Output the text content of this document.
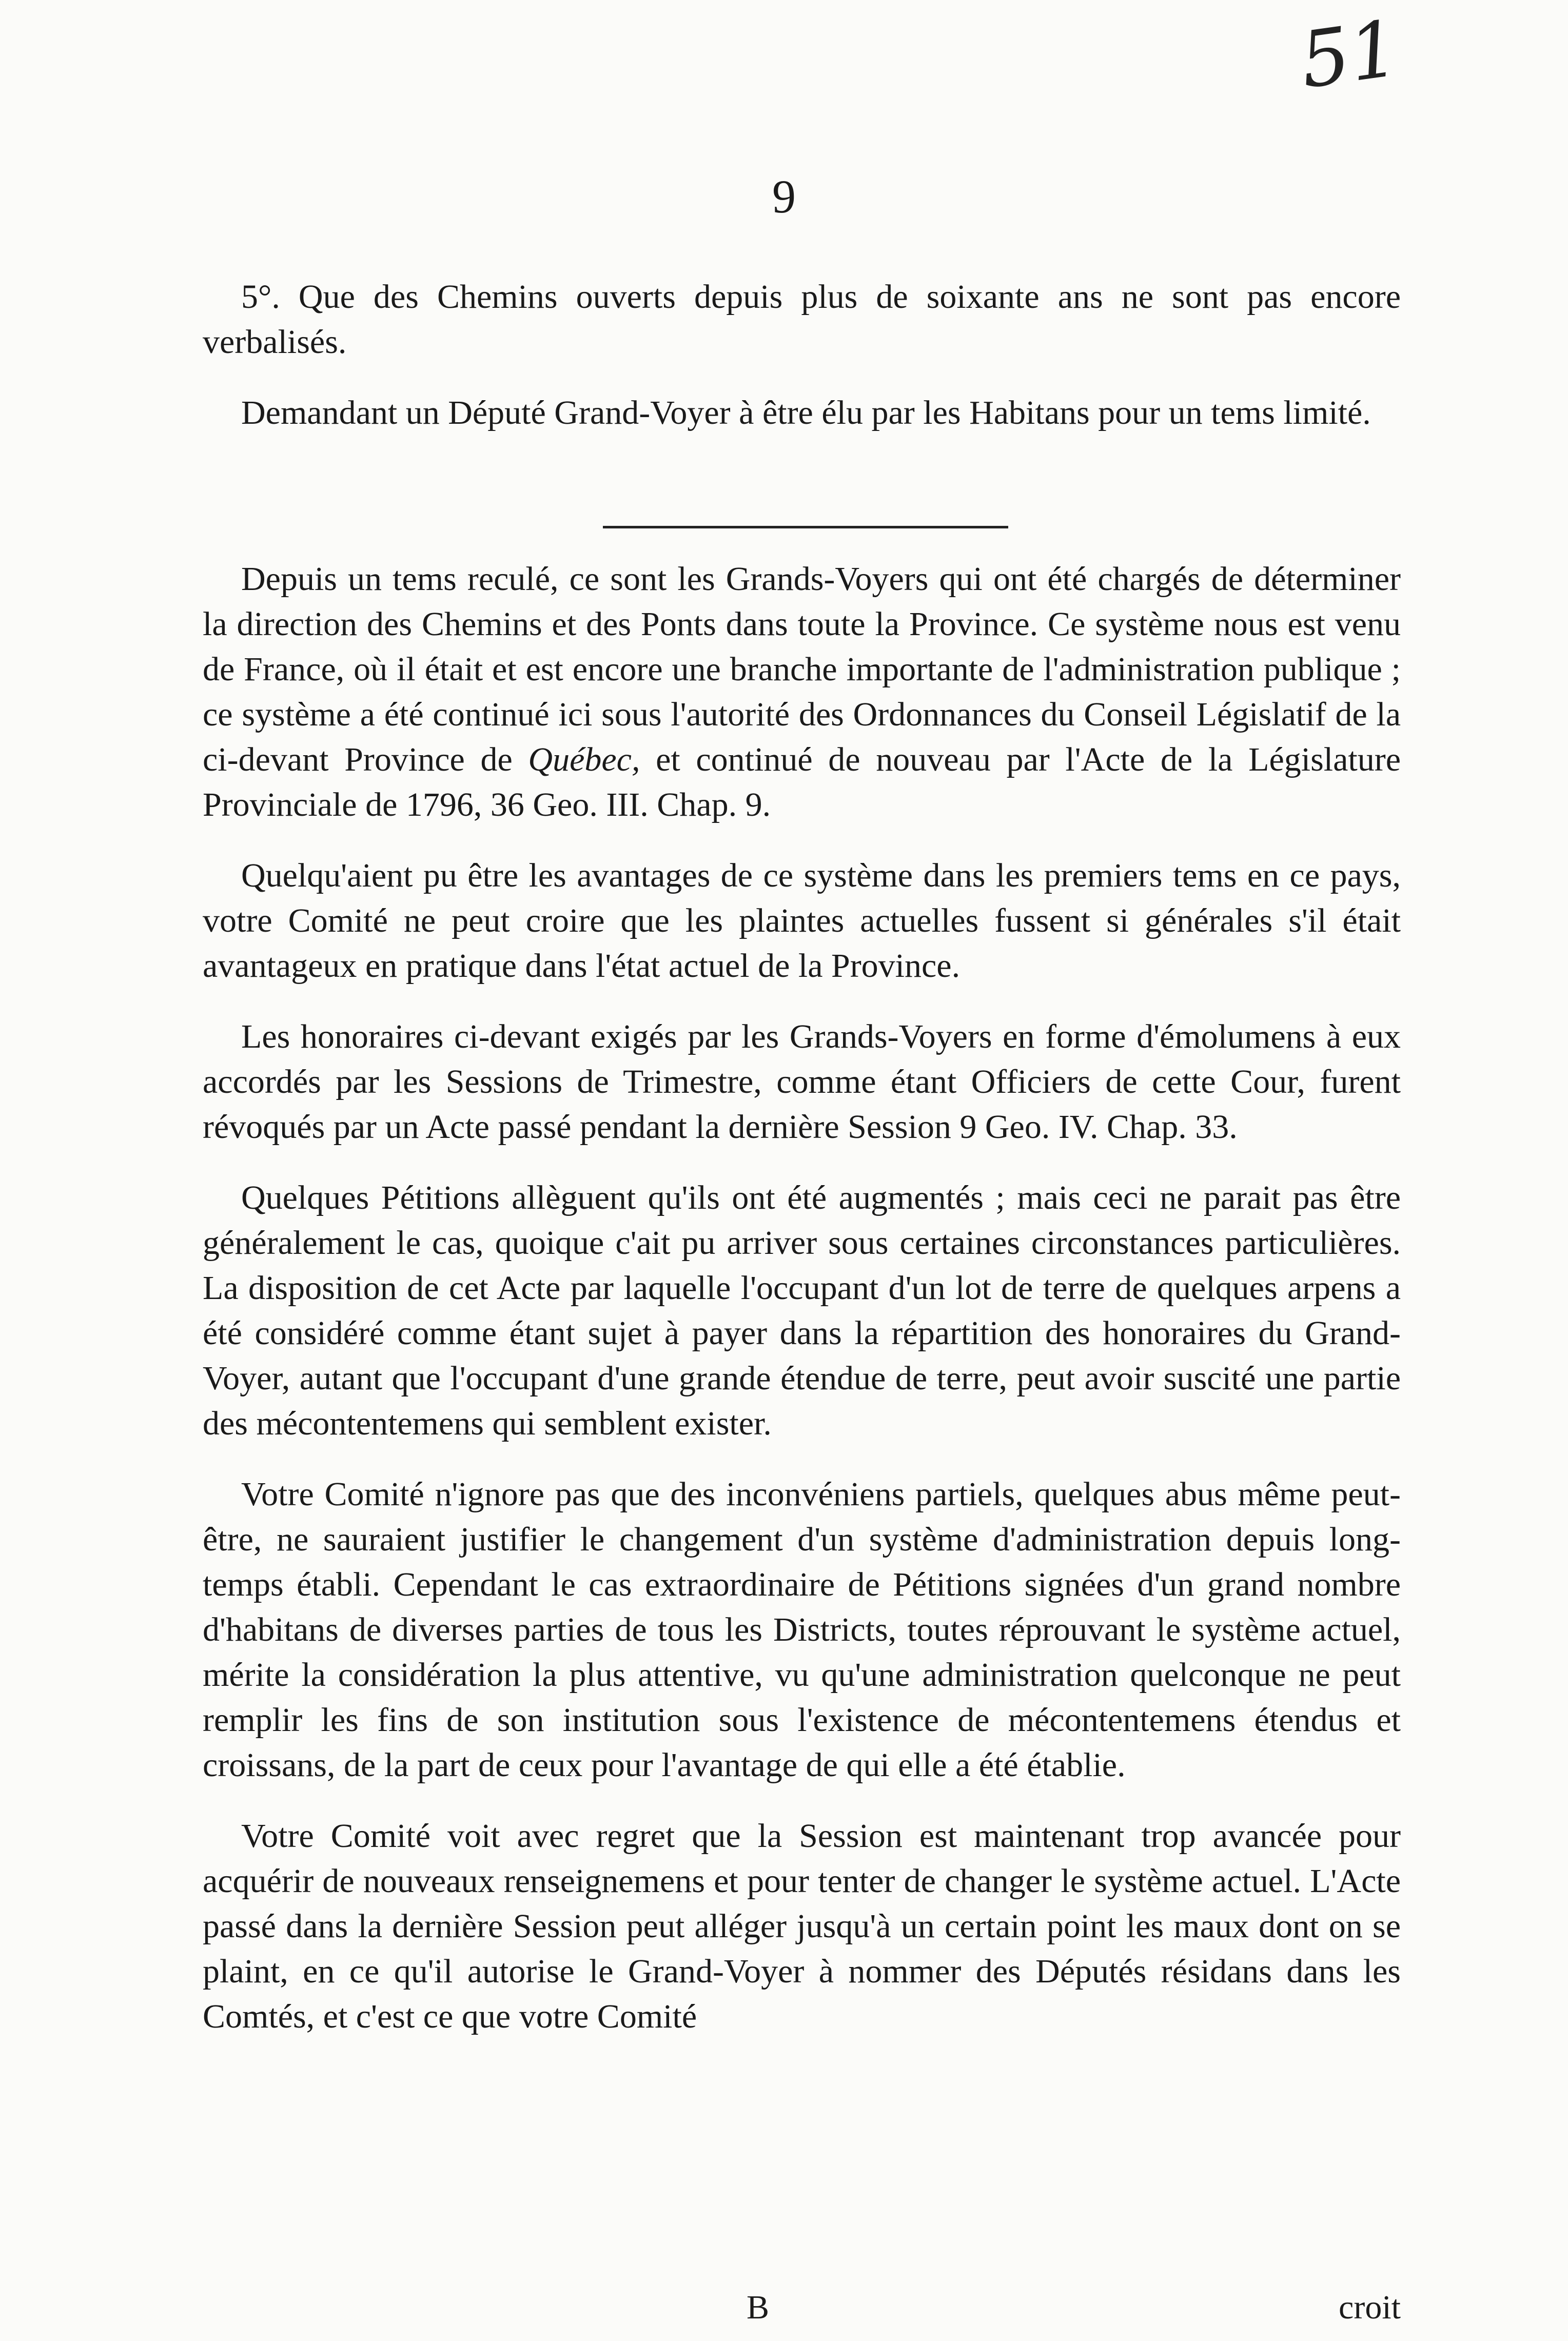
51
9

5°. Que des Chemins ouverts depuis plus de soixante ans ne sont pas encore verbalisés.

Demandant un Député Grand-Voyer à être élu par les Habitans pour un tems limité.

Depuis un tems reculé, ce sont les Grands-Voyers qui ont été chargés de déterminer la direction des Chemins et des Ponts dans toute la Province. Ce système nous est venu de France, où il était et est encore une branche importante de l'administration publique ; ce système a été continué ici sous l'autorité des Ordonnances du Conseil Législatif de la ci-devant Province de Québec, et continué de nouveau par l'Acte de la Législature Provinciale de 1796, 36 Geo. III. Chap. 9.

Quelqu'aient pu être les avantages de ce système dans les premiers tems en ce pays, votre Comité ne peut croire que les plaintes actuelles fussent si générales s'il était avantageux en pratique dans l'état actuel de la Province.

Les honoraires ci-devant exigés par les Grands-Voyers en forme d'émolumens à eux accordés par les Sessions de Trimestre, comme étant Officiers de cette Cour, furent révoqués par un Acte passé pendant la dernière Session 9 Geo. IV. Chap. 33.

Quelques Pétitions allèguent qu'ils ont été augmentés ; mais ceci ne parait pas être généralement le cas, quoique c'ait pu arriver sous certaines circonstances particulières. La disposition de cet Acte par laquelle l'occupant d'un lot de terre de quelques arpens a été considéré comme étant sujet à payer dans la répartition des honoraires du Grand-Voyer, autant que l'occupant d'une grande étendue de terre, peut avoir suscité une partie des mécontentemens qui semblent exister.

Votre Comité n'ignore pas que des inconvéniens partiels, quelques abus même peut-être, ne sauraient justifier le changement d'un système d'administration depuis long-temps établi. Cependant le cas extraordinaire de Pétitions signées d'un grand nombre d'habitans de diverses parties de tous les Districts, toutes réprouvant le système actuel, mérite la considération la plus attentive, vu qu'une administration quelconque ne peut remplir les fins de son institution sous l'existence de mécontentemens étendus et croissans, de la part de ceux pour l'avantage de qui elle a été établie.

Votre Comité voit avec regret que la Session est maintenant trop avancée pour acquérir de nouveaux renseignemens et pour tenter de changer le système actuel. L'Acte passé dans la dernière Session peut alléger jusqu'à un certain point les maux dont on se plaint, en ce qu'il autorise le Grand-Voyer à nommer des Députés résidans dans les Comtés, et c'est ce que votre Comité

B	croit
